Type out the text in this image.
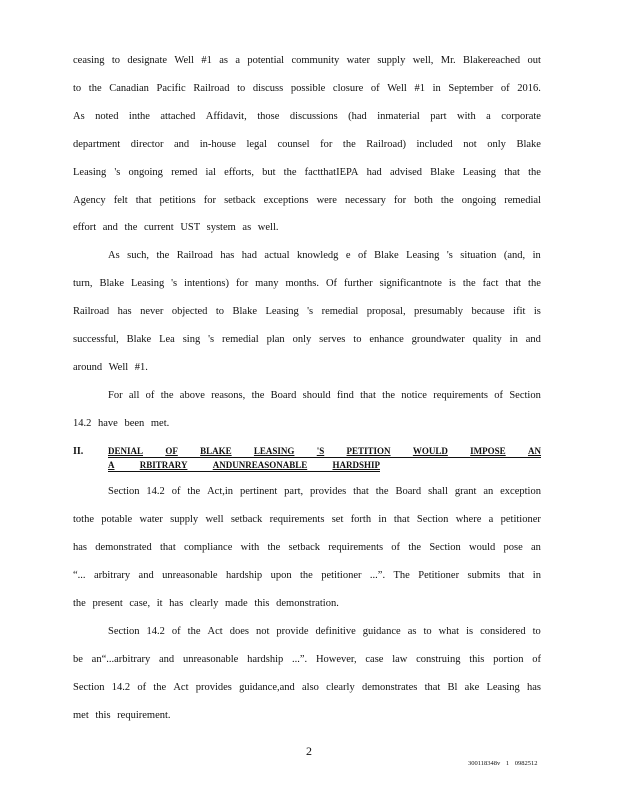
ceasing to designate Well #1 as a potential community water supply well, Mr. Blakereached out
to the Canadian Pacific Railroad to discuss possible closure of Well #1 in September of 2016.
As noted inthe attached Affidavit, those discussions (had inmaterial part with a corporate
department director and in-house legal counsel for the Railroad) included not only Blake
Leasing 's ongoing remed ial efforts, but the factthatIEPA had advised Blake Leasing that the
Agency felt that petitions for setback exceptions were necessary for both the ongoing remedial
effort and the current UST system as well.
As such, the Railroad has had actual knowledg e of Blake Leasing 's situation (and, in
turn, Blake Leasing 's intentions) for many months. Of further significantnote is the fact that the
Railroad has never objected to Blake Leasing 's remedial proposal, presumably because ifit is
successful, Blake Lea sing 's remedial plan only serves to enhance groundwater quality in and
around Well #1.
For all of the above reasons, the Board should find that the notice requirements of Section
14.2 have been met.
II.	DENIAL OF BLAKE LEASING 'S PETITION WOULD IMPOSE AN
A	RBITRARY	ANDUNREASONABLE	HARDSHIP
Section 14.2 of the Act,in pertinent part, provides that the Board shall grant an exception
tothe potable water supply well setback requirements set forth in that Section where a petitioner
has demonstrated that compliance with the setback requirements of the Section would pose an
“... arbitrary and unreasonable hardship upon the petitioner ...”. The Petitioner submits that in
the present case, it has clearly made this demonstration.
Section 14.2 of the Act does not provide definitive guidance as to what is considered to
be an“...arbitrary and unreasonable hardship ...”. However, case law construing this portion of
Section 14.2 of the Act provides guidance,and also clearly demonstrates that Bl ake Leasing has
met this requirement.
2
300118348v 1 0982512
